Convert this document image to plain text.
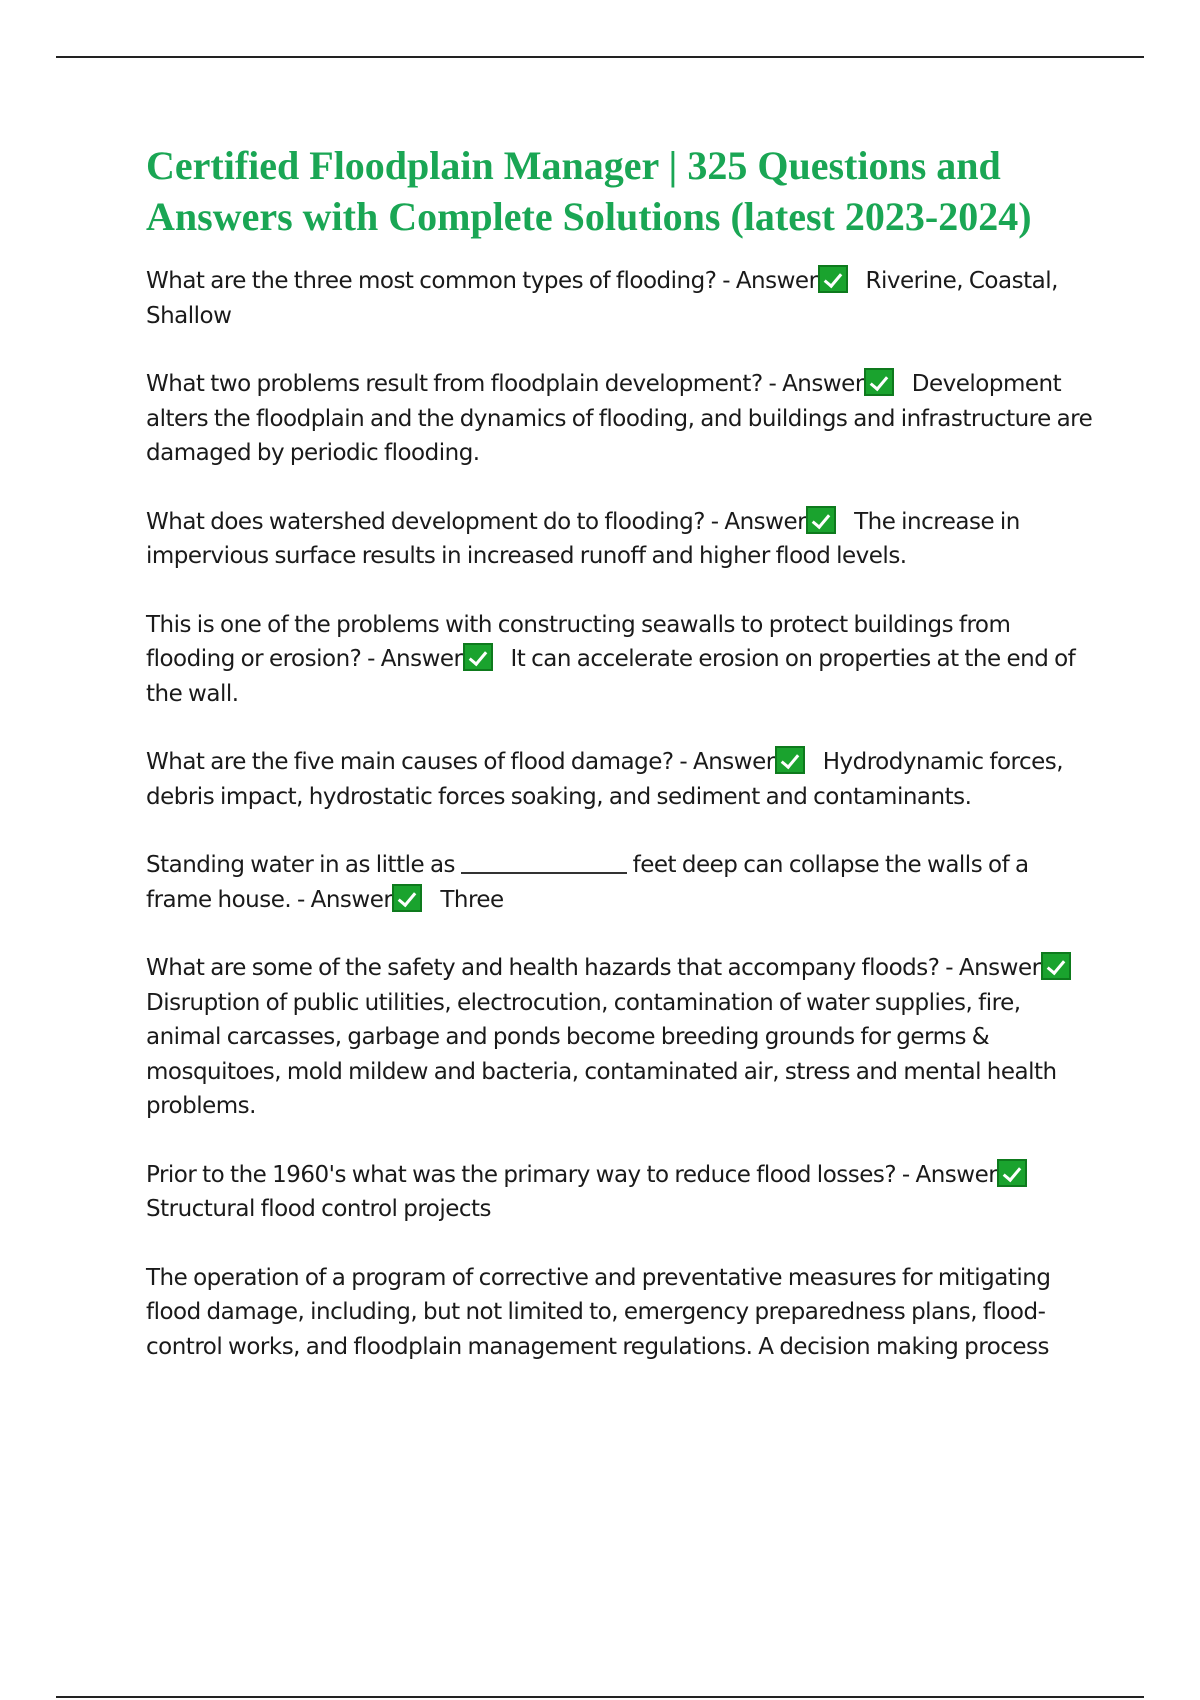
Certified Floodplain Manager | 325 Questions and Answers with Complete Solutions (latest 2023-2024)

What are the three most common types of flooding? - Answer Riverine, Coastal, Shallow

What two problems result from floodplain development? - Answer Development alters the floodplain and the dynamics of flooding, and buildings and infrastructure are damaged by periodic flooding.

What does watershed development do to flooding? - Answer The increase in impervious surface results in increased runoff and higher flood levels.

This is one of the problems with constructing seawalls to protect buildings from flooding or erosion? - Answer It can accelerate erosion on properties at the end of the wall.

What are the five main causes of flood damage? - Answer Hydrodynamic forces, debris impact, hydrostatic forces soaking, and sediment and contaminants.

Standing water in as little as	feet deep can collapse the walls of a frame house. - Answer Three

What are some of the safety and health hazards that accompany floods? - AnswerDisruption of public utilities, electrocution, contamination of water supplies, fire, animal carcasses, garbage and ponds become breeding grounds for germs & mosquitoes, mold mildew and bacteria, contaminated air, stress and mental health problems.

Prior to the 1960's what was the primary way to reduce flood losses? - AnswerStructural flood control projects

The operation of a program of corrective and preventative measures for mitigating flood damage, including, but not limited to, emergency preparedness plans, flood-control works, and floodplain management regulations. A decision making process
